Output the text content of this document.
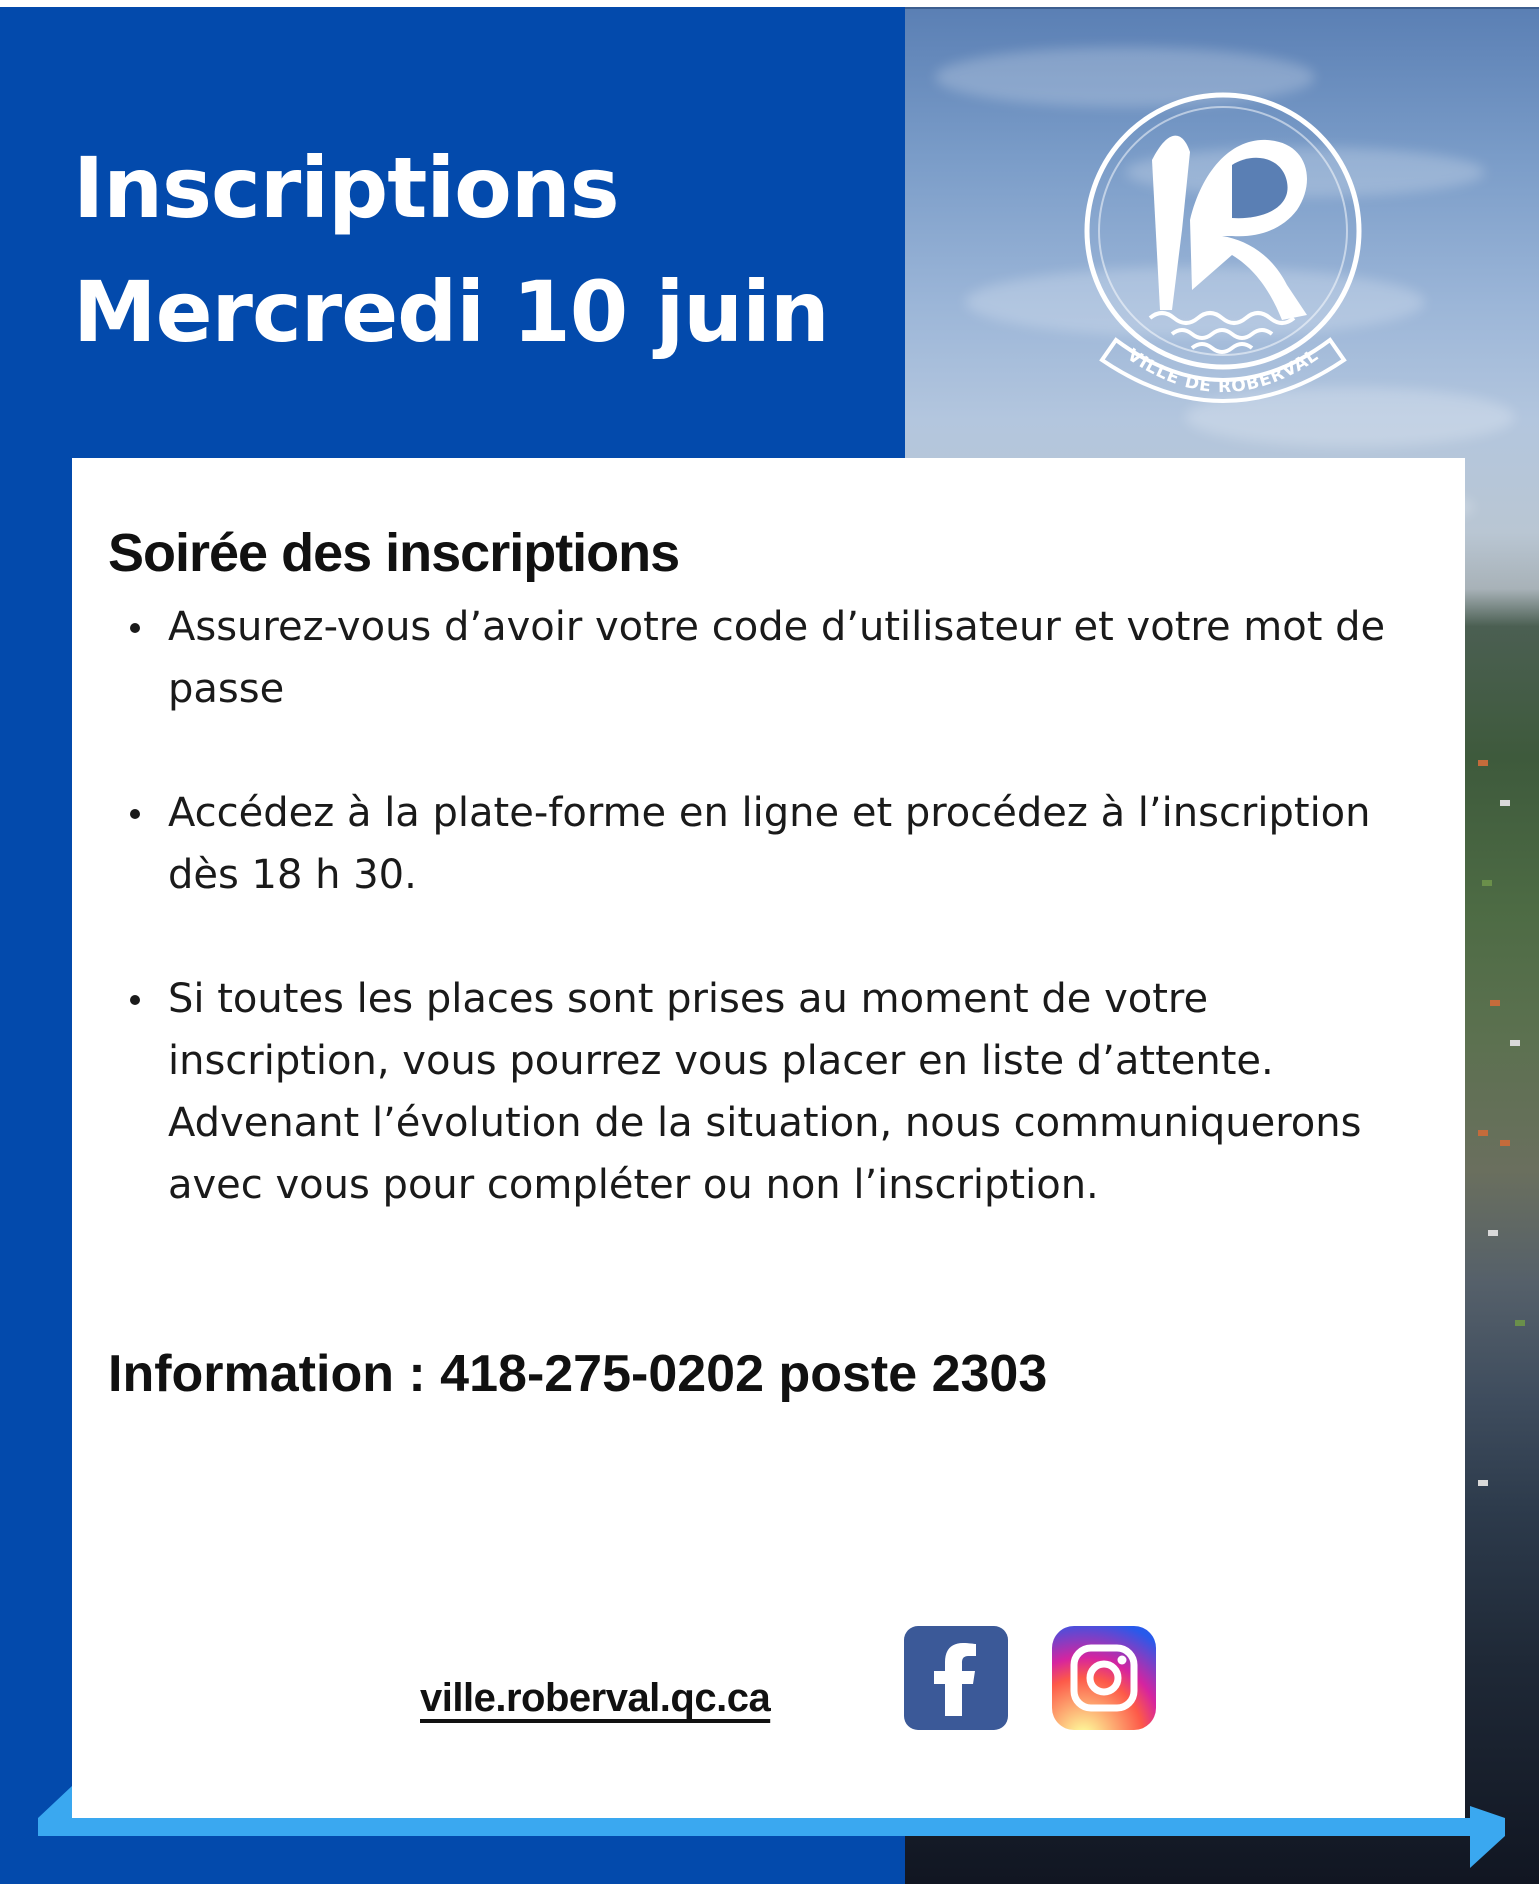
VILLE DE ROBERVAL
Inscriptions
Mercredi 10 juin
Soirée des inscriptions
Assurez-vous d’avoir votre code d’utilisateur et votre mot de passe
Accédez à la plate-forme en ligne et procédez à l’inscription dès 18 h 30.
Si toutes les places sont prises au moment de votre inscription, vous pourrez vous placer en liste d’attente. Advenant l’évolution de la situation, nous communiquerons avec vous pour compléter ou non l’inscription.
Information : 418-275-0202 poste 2303
ville.roberval.qc.ca
